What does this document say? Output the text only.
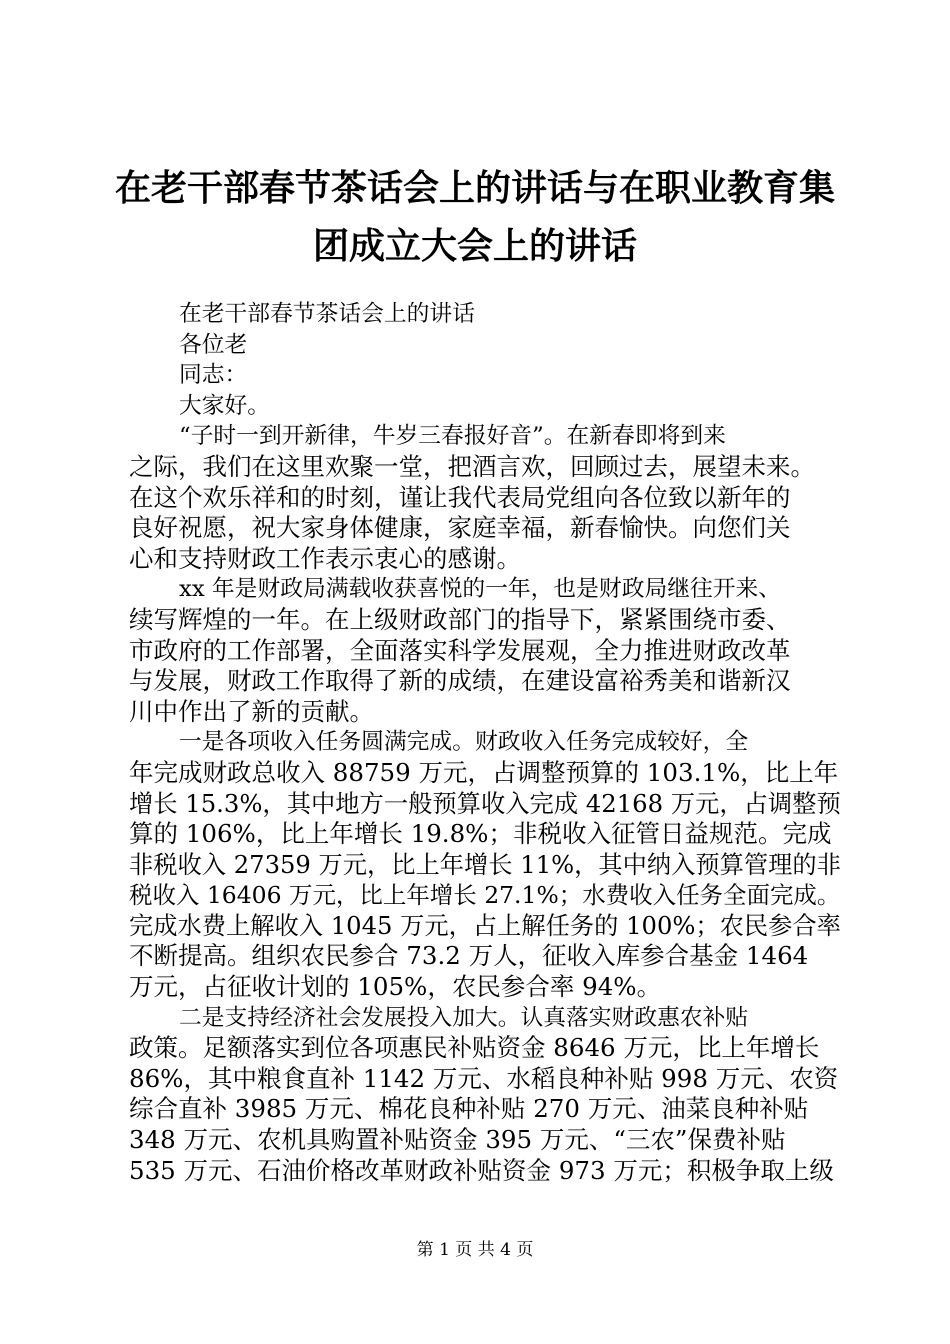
在老干部春节茶话会上的讲话与在职业教育集
团成立大会上的讲话
在老干部春节茶话会上的讲话
各位老
同志：
大家好。
“子时一到开新律，牛岁三春报好音”。在新春即将到来
之际，我们在这里欢聚一堂，把酒言欢，回顾过去，展望未来。
在这个欢乐祥和的时刻，谨让我代表局党组向各位致以新年的
良好祝愿，祝大家身体健康，家庭幸福，新春愉快。向您们关
心和支持财政工作表示衷心的感谢。
xx 年是财政局满载收获喜悦的一年，也是财政局继往开来、
续写辉煌的一年。在上级财政部门的指导下，紧紧围绕市委、
市政府的工作部署，全面落实科学发展观，全力推进财政改革
与发展，财政工作取得了新的成绩，在建设富裕秀美和谐新汉
川中作出了新的贡献。
一是各项收入任务圆满完成。财政收入任务完成较好，全
年完成财政总收入 88759 万元，占调整预算的 103.1%，比上年
增长 15.3%，其中地方一般预算收入完成 42168 万元，占调整预
算的 106%，比上年增长 19.8%；非税收入征管日益规范。完成
非税收入 27359 万元，比上年增长 11%，其中纳入预算管理的非
税收入 16406 万元，比上年增长 27.1%；水费收入任务全面完成。
完成水费上解收入 1045 万元，占上解任务的 100%；农民参合率
不断提高。组织农民参合 73.2 万人，征收入库参合基金 1464
万元，占征收计划的 105%，农民参合率 94%。
二是支持经济社会发展投入加大。认真落实财政惠农补贴
政策。足额落实到位各项惠民补贴资金 8646 万元，比上年增长
86%，其中粮食直补 1142 万元、水稻良种补贴 998 万元、农资
综合直补 3985 万元、棉花良种补贴 270 万元、油菜良种补贴
348 万元、农机具购置补贴资金 395 万元、“三农”保费补贴
535 万元、石油价格改革财政补贴资金 973 万元；积极争取上级
第 1 页 共 4 页
